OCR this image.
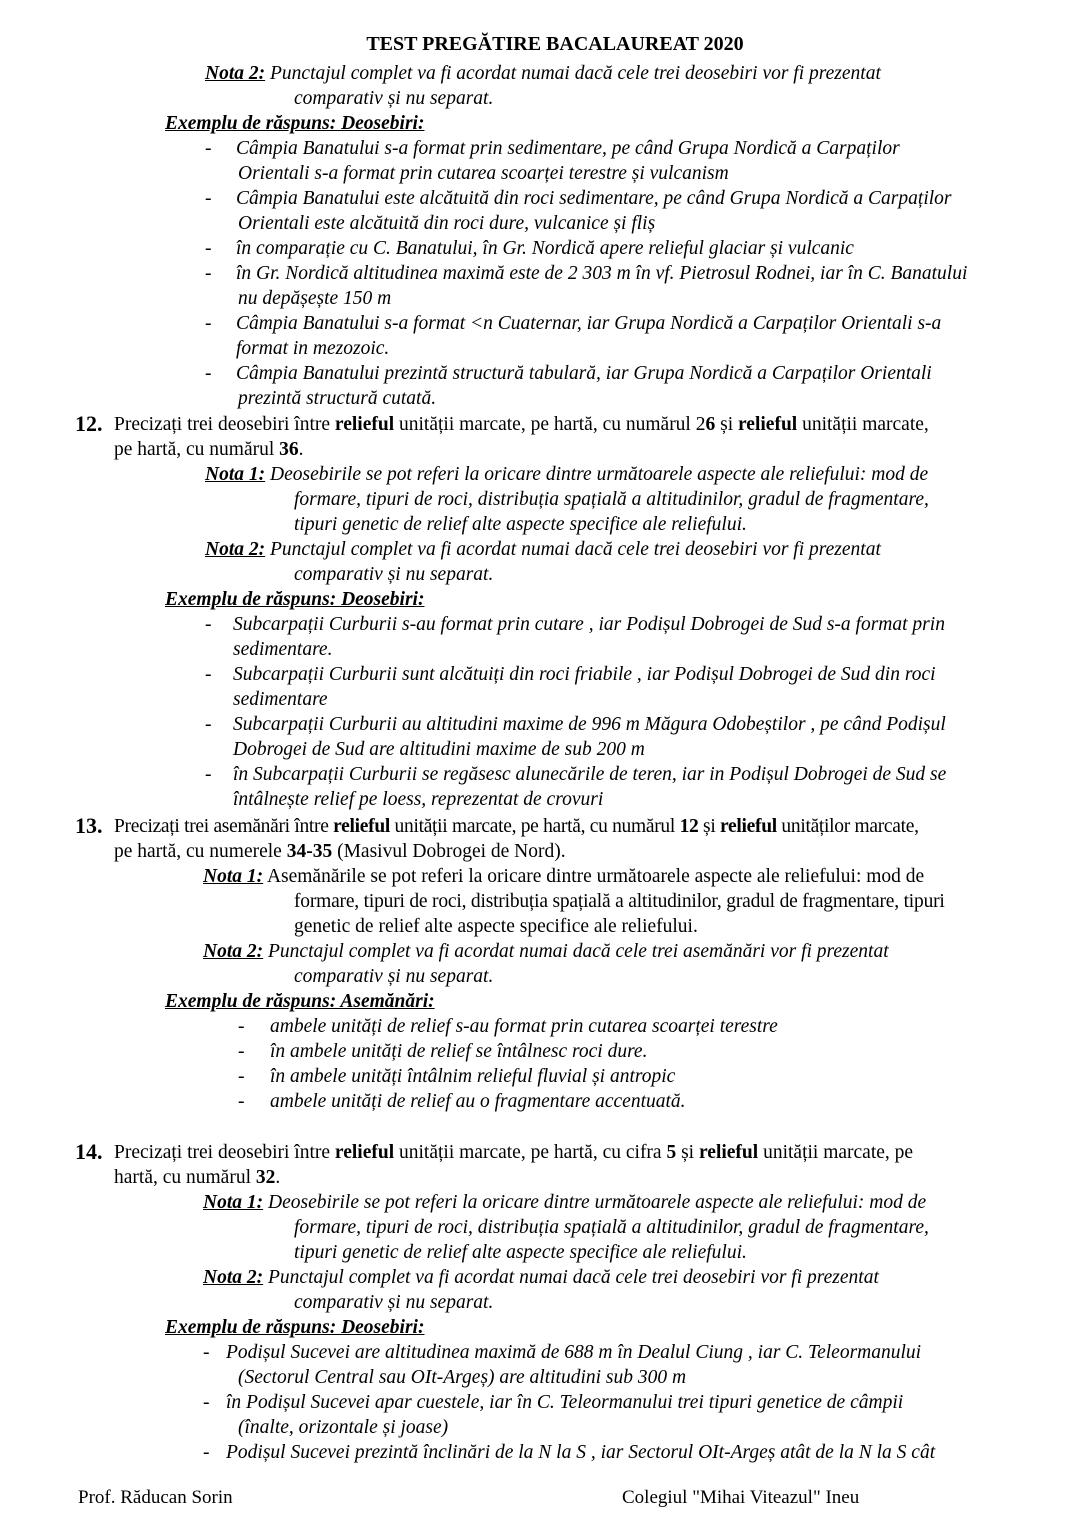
TEST PREGĂTIRE BACALAUREAT 2020
Nota 2: Punctajul complet va fi acordat numai dacă cele trei deosebiri vor fi prezentat
comparativ și nu separat.
Exemplu de răspuns: Deosebiri:
- Câmpia Banatului s-a format prin sedimentare, pe când Grupa Nordică a Carpaților
Orientali s-a format prin cutarea scoarței terestre și vulcanism
- Câmpia Banatului este alcătuită din roci sedimentare, pe când Grupa Nordică a Carpaților
Orientali este alcătuită din roci dure, vulcanice și fliș
- în comparație cu C. Banatului, în Gr. Nordică apere relieful glaciar și vulcanic
- în Gr. Nordică altitudinea maximă este de 2 303 m în vf. Pietrosul Rodnei, iar în C. Banatului
nu depășește 150 m
- Câmpia Banatului s-a format <n Cuaternar, iar Grupa Nordică a Carpaților Orientali s-a
format in mezozoic.
- Câmpia Banatului prezintă structură tabulară, iar Grupa Nordică a Carpaților Orientali
prezintă structură cutată.
12. Precizați trei deosebiri între relieful unității marcate, pe hartă, cu numărul 26 și relieful unității marcate,
pe hartă, cu numărul 36.
Nota 1: Deosebirile se pot referi la oricare dintre următoarele aspecte ale reliefului: mod de
formare, tipuri de roci, distribuția spațială a altitudinilor, gradul de fragmentare,
tipuri genetic de relief alte aspecte specifice ale reliefului.
Nota 2: Punctajul complet va fi acordat numai dacă cele trei deosebiri vor fi prezentat
comparativ și nu separat.
Exemplu de răspuns: Deosebiri:
- Subcarpații Curburii s-au format prin cutare , iar Podișul Dobrogei de Sud s-a format prin
sedimentare.
- Subcarpații Curburii sunt alcătuiți din roci friabile , iar Podișul Dobrogei de Sud din roci
sedimentare
- Subcarpații Curburii au altitudini maxime de 996 m Măgura Odobeștilor , pe când Podișul
Dobrogei de Sud are altitudini maxime de sub 200 m
- în Subcarpații Curburii se regăsesc alunecările de teren, iar in Podișul Dobrogei de Sud se
întâlnește relief pe loess, reprezentat de crovuri
13. Precizați trei asemănări între relieful unității marcate, pe hartă, cu numărul 12 și relieful unităților marcate,
pe hartă, cu numerele 34-35 (Masivul Dobrogei de Nord).
Nota 1: Asemănările se pot referi la oricare dintre următoarele aspecte ale reliefului: mod de
formare, tipuri de roci, distribuția spațială a altitudinilor, gradul de fragmentare, tipuri
genetic de relief alte aspecte specifice ale reliefului.
Nota 2: Punctajul complet va fi acordat numai dacă cele trei asemănări vor fi prezentat
comparativ și nu separat.
Exemplu de răspuns: Asemănări:
- ambele unități de relief s-au format prin cutarea scoarței terestre
- în ambele unități de relief se întâlnesc roci dure.
- în ambele unități întâlnim relieful fluvial și antropic
- ambele unități de relief au o fragmentare accentuată.
14. Precizați trei deosebiri între relieful unității marcate, pe hartă, cu cifra 5 și relieful unității marcate, pe
hartă, cu numărul 32.
Nota 1: Deosebirile se pot referi la oricare dintre următoarele aspecte ale reliefului: mod de
formare, tipuri de roci, distribuția spațială a altitudinilor, gradul de fragmentare,
tipuri genetic de relief alte aspecte specifice ale reliefului.
Nota 2: Punctajul complet va fi acordat numai dacă cele trei deosebiri vor fi prezentat
comparativ și nu separat.
Exemplu de răspuns: Deosebiri:
- Podișul Sucevei are altitudinea maximă de 688 m în Dealul Ciung , iar C. Teleormanului
(Sectorul Central sau OIt-Argeș) are altitudini sub 300 m
- în Podișul Sucevei apar cuestele, iar în C. Teleormanului trei tipuri genetice de câmpii
(înalte, orizontale și joase)
- Podișul Sucevei prezintă înclinări de la N la S , iar Sectorul OIt-Argeș atât de la N la S cât
Prof. Răducan Sorin	Colegiul "Mihai Viteazul" Ineu
